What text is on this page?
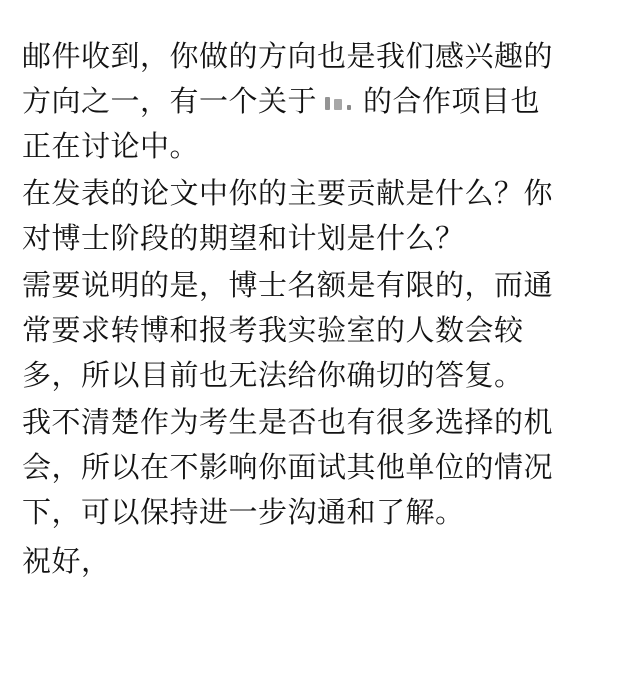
邮件收到，你做的方向也是我们感兴趣的
方向之一，有一个关于 的合作项目也
正在讨论中。
在发表的论文中你的主要贡献是什么？你
对博士阶段的期望和计划是什么？
需要说明的是，博士名额是有限的，而通
常要求转博和报考我实验室的人数会较
多，所以目前也无法给你确切的答复。
我不清楚作为考生是否也有很多选择的机
会，所以在不影响你面试其他单位的情况
下，可以保持进一步沟通和了解。
祝好，
